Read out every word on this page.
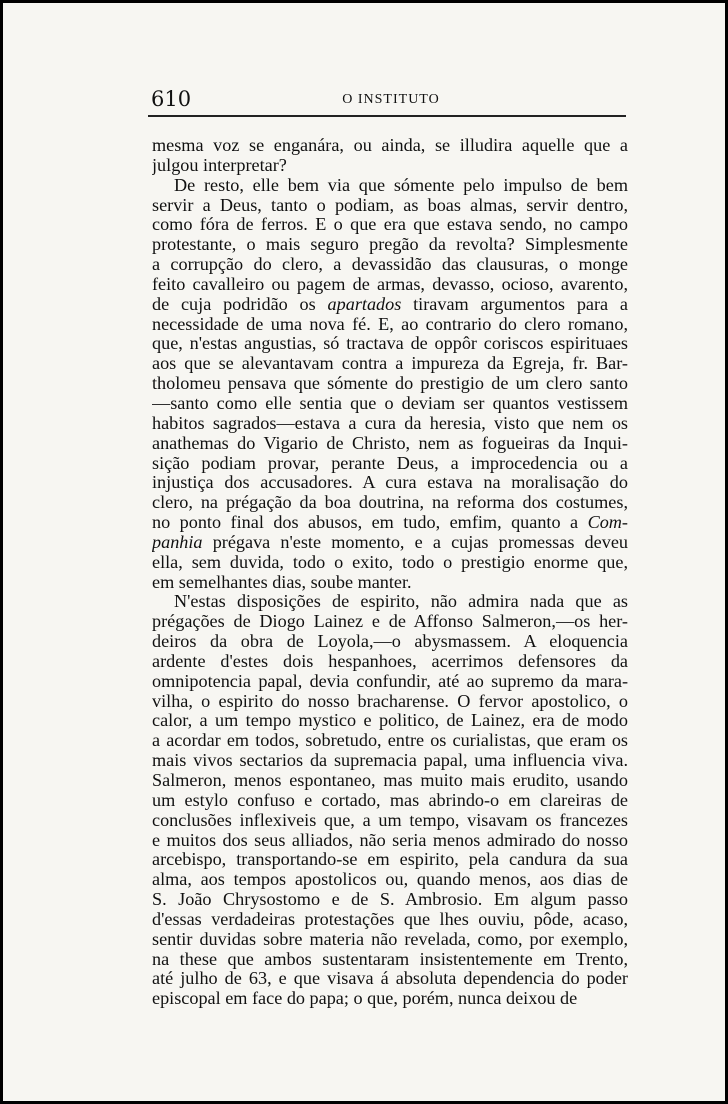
610	O INSTITUTO
mesma voz se enganára, ou ainda, se illudira aquelle que a
julgou interpretar?
De resto, elle bem via que sómente pelo impulso de bem
servir a Deus, tanto o podiam, as boas almas, servir dentro,
como fóra de ferros. E o que era que estava sendo, no campo
protestante, o mais seguro pregão da revolta? Simplesmente
a corrupção do clero, a devassidão das clausuras, o monge
feito cavalleiro ou pagem de armas, devasso, ocioso, avarento,
de cuja podridão os apartados tiravam argumentos para a
necessidade de uma nova fé. E, ao contrario do clero romano,
que, n'estas angustias, só tractava de oppôr coriscos espirituaes
aos que se alevantavam contra a impureza da Egreja, fr. Bar-
tholomeu pensava que sómente do prestigio de um clero santo
—santo como elle sentia que o deviam ser quantos vestissem
habitos sagrados—estava a cura da heresia, visto que nem os
anathemas do Vigario de Christo, nem as fogueiras da Inqui-
sição podiam provar, perante Deus, a improcedencia ou a
injustiça dos accusadores. A cura estava na moralisação do
clero, na prégação da boa doutrina, na reforma dos costumes,
no ponto final dos abusos, em tudo, emfim, quanto a Com-
panhia prégava n'este momento, e a cujas promessas deveu
ella, sem duvida, todo o exito, todo o prestigio enorme que,
em semelhantes dias, soube manter.
N'estas disposições de espirito, não admira nada que as
prégações de Diogo Lainez e de Affonso Salmeron,—os her-
deiros da obra de Loyola,—o abysmassem. A eloquencia
ardente d'estes dois hespanhoes, acerrimos defensores da
omnipotencia papal, devia confundir, até ao supremo da mara-
vilha, o espirito do nosso bracharense. O fervor apostolico, o
calor, a um tempo mystico e politico, de Lainez, era de modo
a acordar em todos, sobretudo, entre os curialistas, que eram os
mais vivos sectarios da supremacia papal, uma influencia viva.
Salmeron, menos espontaneo, mas muito mais erudito, usando
um estylo confuso e cortado, mas abrindo-o em clareiras de
conclusões inflexiveis que, a um tempo, visavam os francezes
e muitos dos seus alliados, não seria menos admirado do nosso
arcebispo, transportando-se em espirito, pela candura da sua
alma, aos tempos apostolicos ou, quando menos, aos dias de
S. João Chrysostomo e de S. Ambrosio. Em algum passo
d'essas verdadeiras protestações que lhes ouviu, pôde, acaso,
sentir duvidas sobre materia não revelada, como, por exemplo,
na these que ambos sustentaram insistentemente em Trento,
até julho de 63, e que visava á absoluta dependencia do poder
episcopal em face do papa; o que, porém, nunca deixou de
